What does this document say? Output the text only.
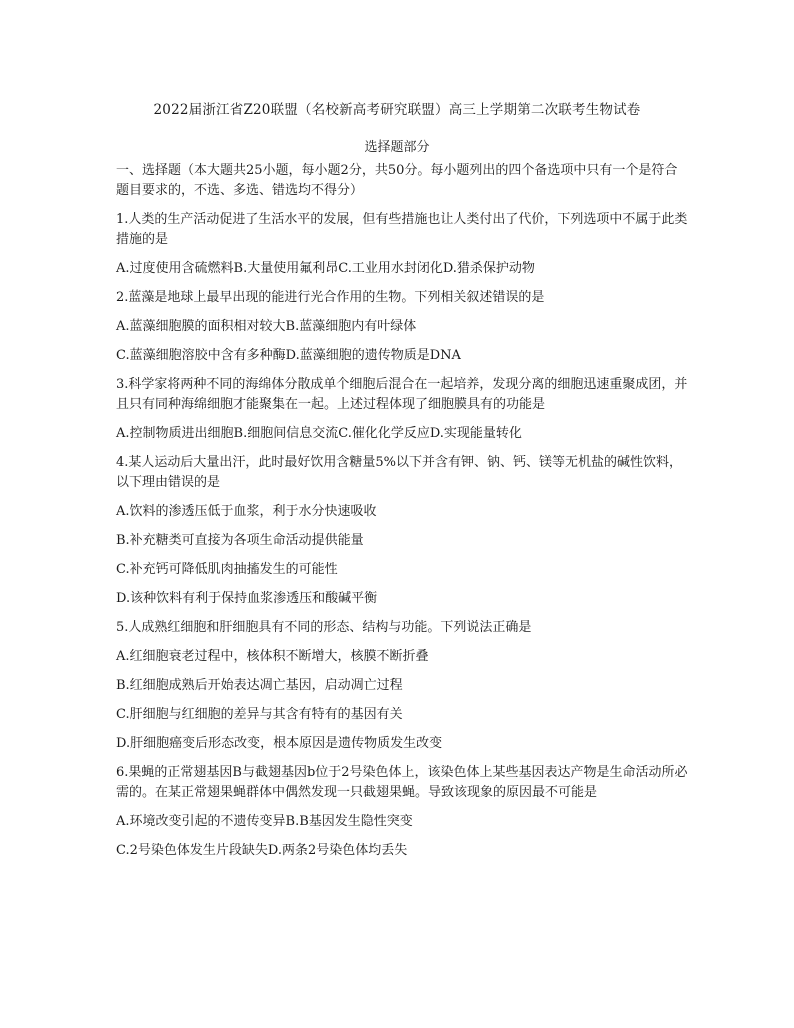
2022届浙江省Z20联盟（名校新高考研究联盟）高三上学期第二次联考生物试卷
选择题部分
一、选择题（本大题共25小题，每小题2分，共50分。每小题列出的四个备选项中只有一个是符合题目要求的，不选、多选、错选均不得分）
1.人类的生产活动促进了生活水平的发展，但有些措施也让人类付出了代价，下列选项中不属于此类措施的是
A.过度使用含硫燃料B.大量使用氟利昂C.工业用水封闭化D.猎杀保护动物
2.蓝藻是地球上最早出现的能进行光合作用的生物。下列相关叙述错误的是
A.蓝藻细胞膜的面积相对较大B.蓝藻细胞内有叶绿体
C.蓝藻细胞溶胶中含有多种酶D.蓝藻细胞的遗传物质是DNA
3.科学家将两种不同的海绵体分散成单个细胞后混合在一起培养，发现分离的细胞迅速重聚成团，并且只有同种海绵细胞才能聚集在一起。上述过程体现了细胞膜具有的功能是
A.控制物质进出细胞B.细胞间信息交流C.催化化学反应D.实现能量转化
4.某人运动后大量出汗，此时最好饮用含糖量5%以下并含有钾、钠、钙、镁等无机盐的碱性饮料，以下理由错误的是
A.饮料的渗透压低于血浆，利于水分快速吸收
B.补充糖类可直接为各项生命活动提供能量
C.补充钙可降低肌肉抽搐发生的可能性
D.该种饮料有利于保持血浆渗透压和酸碱平衡
5.人成熟红细胞和肝细胞具有不同的形态、结构与功能。下列说法正确是
A.红细胞衰老过程中，核体积不断增大，核膜不断折叠
B.红细胞成熟后开始表达凋亡基因，启动凋亡过程
C.肝细胞与红细胞的差异与其含有特有的基因有关
D.肝细胞癌变后形态改变，根本原因是遗传物质发生改变
6.果蝇的正常翅基因B与截翅基因b位于2号染色体上，该染色体上某些基因表达产物是生命活动所必需的。在某正常翅果蝇群体中偶然发现一只截翅果蝇。导致该现象的原因最不可能是
A.环境改变引起的不遗传变异B.B基因发生隐性突变
C.2号染色体发生片段缺失D.两条2号染色体均丢失
